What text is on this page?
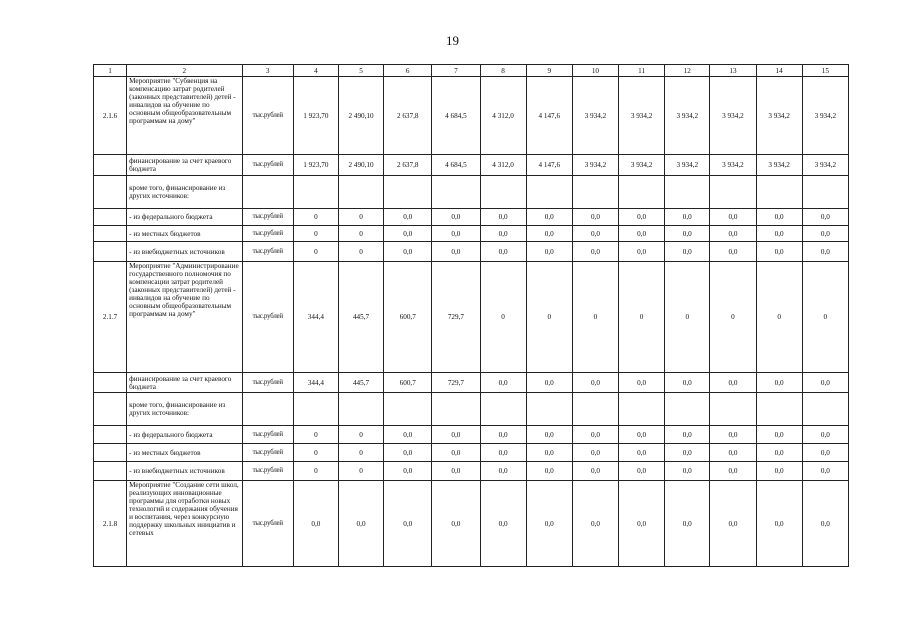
19
1	2	3	4	5	6	7	8	9	10	11	12	13	14	15
2.1.6	Мероприятие "Субвенция на компенсацию затрат родителей (законных представителей) детей - инвалидов на обучение по основным общеобразовательным программам на дому"	тыс.рублей	1 923,70	2 490,10	2 637,8	4 684,5	4 312,0	4 147,6	3 934,2	3 934,2	3 934,2	3 934,2	3 934,2	3 934,2
	финансирование за счет краевого бюджета	тыс.рублей	1 923,70	2 490,10	2 637,8	4 684,5	4 312,0	4 147,6	3 934,2	3 934,2	3 934,2	3 934,2	3 934,2	3 934,2
	кроме того, финансирование из других источников:													
	- из федерального бюджета	тыс.рублей	0	0	0,0	0,0	0,0	0,0	0,0	0,0	0,0	0,0	0,0	0,0
	- из местных бюджетов	тыс.рублей	0	0	0,0	0,0	0,0	0,0	0,0	0,0	0,0	0,0	0,0	0,0
	- из внебюджетных источников	тыс.рублей	0	0	0,0	0,0	0,0	0,0	0,0	0,0	0,0	0,0	0,0	0,0
2.1.7	Мероприятие "Администрирование государственного полномочия по компенсации затрат родителей (законных представителей) детей - инвалидов на обучение по основным общеобразовательным программам на дому"	тыс.рублей	344,4	445,7	600,7	729,7	0	0	0	0	0	0	0	0
	финансирование за счет краевого бюджета	тыс.рублей	344,4	445,7	600,7	729,7	0,0	0,0	0,0	0,0	0,0	0,0	0,0	0,0
	кроме того, финансирование из других источников:													
	- из федерального бюджета	тыс.рублей	0	0	0,0	0,0	0,0	0,0	0,0	0,0	0,0	0,0	0,0	0,0
	- из местных бюджетов	тыс.рублей	0	0	0,0	0,0	0,0	0,0	0,0	0,0	0,0	0,0	0,0	0,0
	- из внебюджетных источников	тыс.рублей	0	0	0,0	0,0	0,0	0,0	0,0	0,0	0,0	0,0	0,0	0,0
2.1.8	Мероприятие "Создание сети школ, реализующих инновационные программы для отработки новых технологий и содержания обучения и воспитания, через конкурсную поддержку школьных инициатив и сетевых	тыс.рублей	0,0	0,0	0,0	0,0	0,0	0,0	0,0	0,0	0,0	0,0	0,0	0,0
